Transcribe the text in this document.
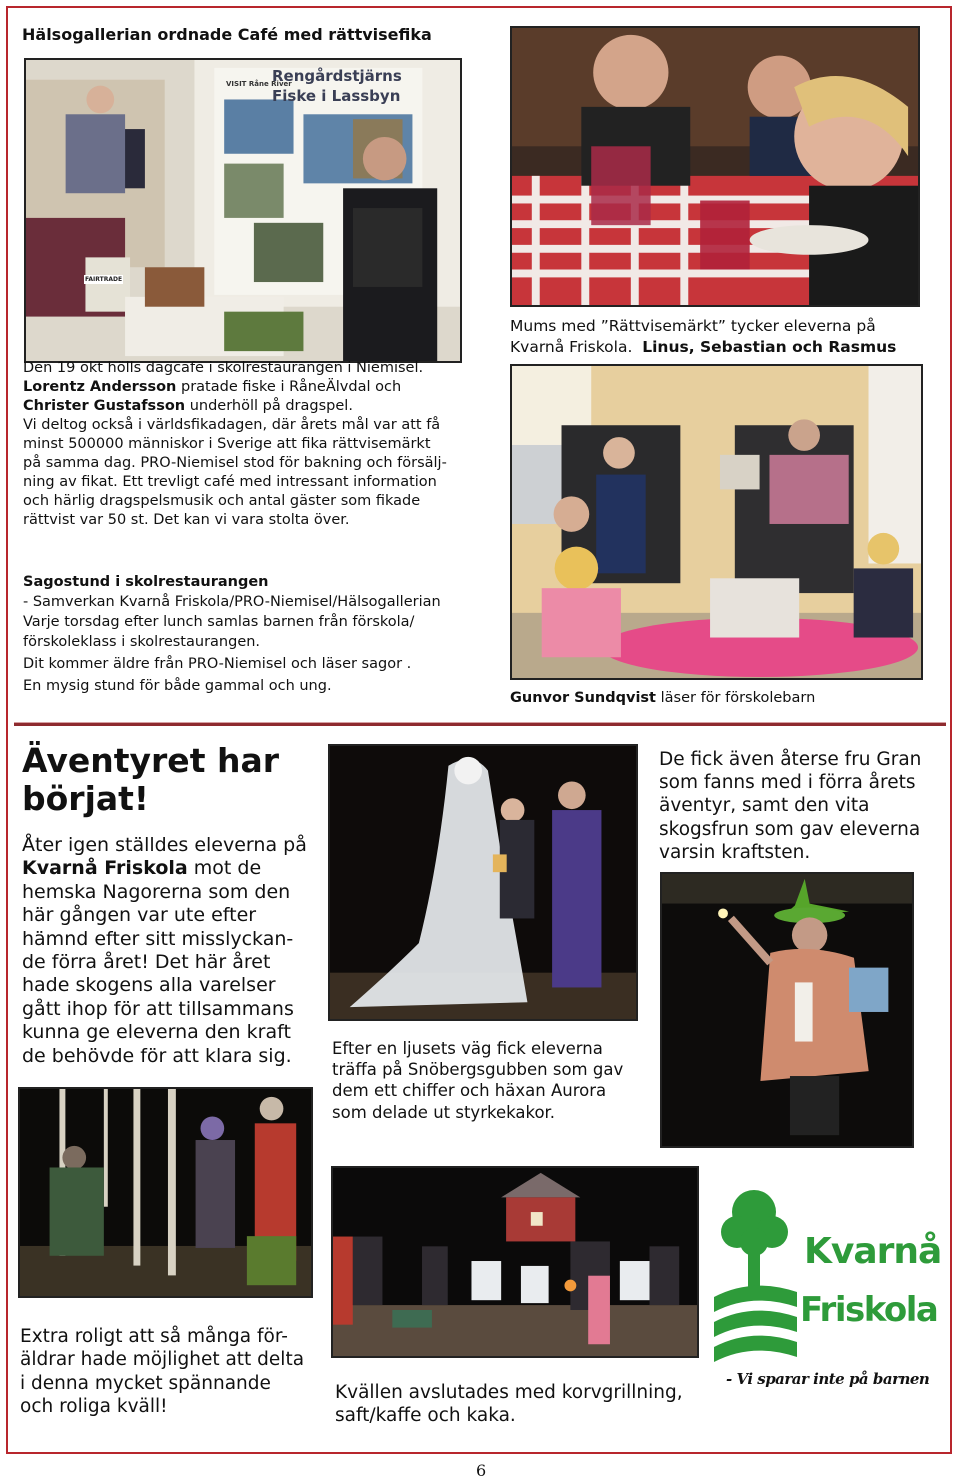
Hälsogallerian ordnade Café med rättvisefika
Rengårdstjärns Fiske i Lassbyn
VISIT Råne River
FAIRTRADE
Mums med ”Rättvisemärkt” tycker eleverna på
Kvarnå Friskola. Linus, Sebastian och Rasmus
Den 19 okt hölls dagcafe i skolrestaurangen i Niemisel.
Lorentz Andersson pratade fiske i RåneÄlvdal och
Christer Gustafsson underhöll på dragspel.
Vi deltog också i världsfikadagen, där årets mål var att få
minst 500000 människor i Sverige att fika rättvisemärkt
på samma dag. PRO-Niemisel stod för bakning och försälj-
ning av fikat. Ett trevligt café med intressant information
och härlig dragspelsmusik och antal gäster som fikade
rättvist var 50 st. Det kan vi vara stolta över.
Sagostund i skolrestaurangen
- Samverkan Kvarnå Friskola/PRO-Niemisel/Hälsogallerian
Varje torsdag efter lunch samlas barnen från förskola/
förskoleklass i skolrestaurangen.
Dit kommer äldre från PRO-Niemisel och läser sagor .
En mysig stund för både gammal och ung.
Gunvor Sundqvist läser för förskolebarn
Äventyret har
börjat!
Åter igen ställdes eleverna på
Kvarnå Friskola mot de
hemska Nagorerna som den
här gången var ute efter
hämnd efter sitt misslyckan-
de förra året! Det här året
hade skogens alla varelser
gått ihop för att tillsammans
kunna ge eleverna den kraft
de behövde för att klara sig.
De fick även återse fru Gran
som fanns med i förra årets
äventyr, samt den vita
skogsfrun som gav eleverna
varsin kraftsten.
Efter en ljusets väg fick eleverna
träffa på Snöbergsgubben som gav
dem ett chiffer och häxan Aurora
som delade ut styrkekakor.
Extra roligt att så många för-
äldrar hade möjlighet att delta
i denna mycket spännande
och roliga kväll!
Kvällen avslutades med korvgrillning,
saft/kaffe och kaka.
Kvarnå
Friskola
- Vi sparar inte på barnen
6
